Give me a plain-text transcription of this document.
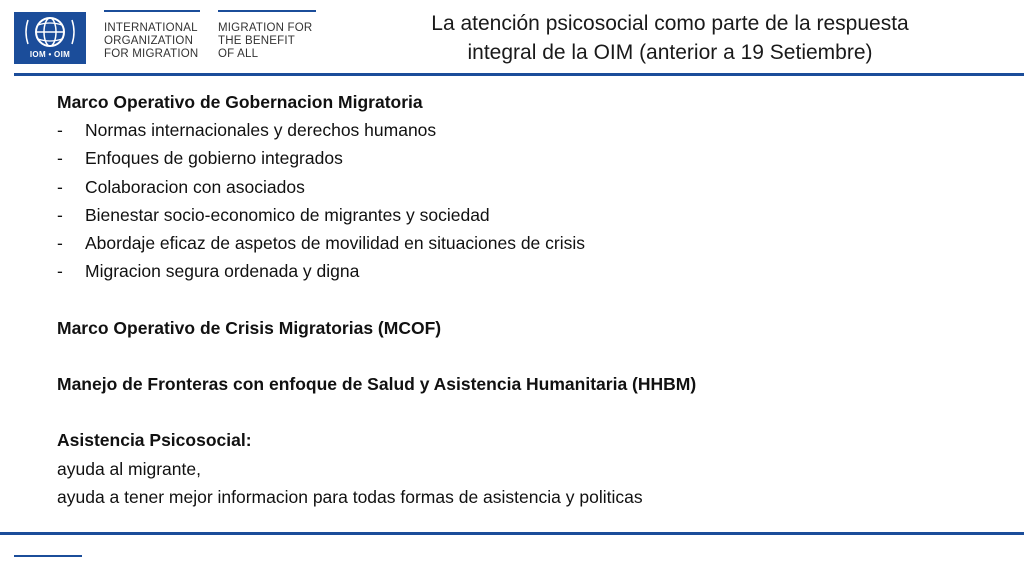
IOM • OIM
INTERNATIONAL
ORGANIZATION
FOR MIGRATION
MIGRATION FOR
THE BENEFIT
OF ALL
La atención psicosocial como parte de la respuesta
integral de la OIM (anterior a 19 Setiembre)
Marco Operativo de Gobernacion Migratoria
- Normas internacionales y derechos humanos
- Enfoques de gobierno integrados
- Colaboracion con asociados
- Bienestar socio-economico de migrantes y sociedad
- Abordaje eficaz de aspetos de movilidad en situaciones de crisis
- Migracion segura ordenada y digna
Marco Operativo de Crisis Migratorias (MCOF)
Manejo de Fronteras con enfoque de Salud y Asistencia Humanitaria (HHBM)
Asistencia Psicosocial:
ayuda al migrante,
ayuda a tener mejor informacion para todas formas de asistencia y politicas
